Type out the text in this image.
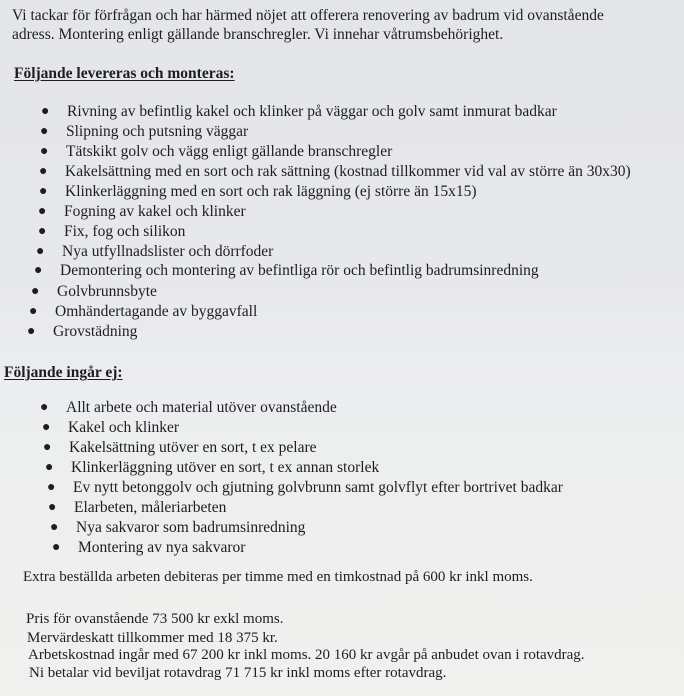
Vi tackar för förfrågan och har härmed nöjet att offerera renovering av badrum vid ovanstående
adress. Montering enligt gällande branschregler. Vi innehar våtrumsbehörighet.
Följande levereras och monteras:
● Rivning av befintlig kakel och klinker på väggar och golv samt inmurat badkar
● Slipning och putsning väggar
● Tätskikt golv och vägg enligt gällande branschregler
● Kakelsättning med en sort och rak sättning (kostnad tillkommer vid val av större än 30x30)
● Klinkerläggning med en sort och rak läggning (ej större än 15x15)
● Fogning av kakel och klinker
● Fix, fog och silikon
● Nya utfyllnadslister och dörrfoder
● Demontering och montering av befintliga rör och befintlig badrumsinredning
● Golvbrunnsbyte
● Omhändertagande av byggavfall
● Grovstädning
Följande ingår ej:
● Allt arbete och material utöver ovanstående
● Kakel och klinker
● Kakelsättning utöver en sort, t ex pelare
● Klinkerläggning utöver en sort, t ex annan storlek
● Ev nytt betonggolv och gjutning golvbrunn samt golvflyt efter bortrivet badkar
● Elarbeten, måleriarbeten
● Nya sakvaror som badrumsinredning
● Montering av nya sakvaror
Extra beställda arbeten debiteras per timme med en timkostnad på 600 kr inkl moms.
Pris för ovanstående 73 500 kr exkl moms.
Mervärdeskatt tillkommer med 18 375 kr.
Arbetskostnad ingår med 67 200 kr inkl moms. 20 160 kr avgår på anbudet ovan i rotavdrag.
Ni betalar vid beviljat rotavdrag 71 715 kr inkl moms efter rotavdrag.
